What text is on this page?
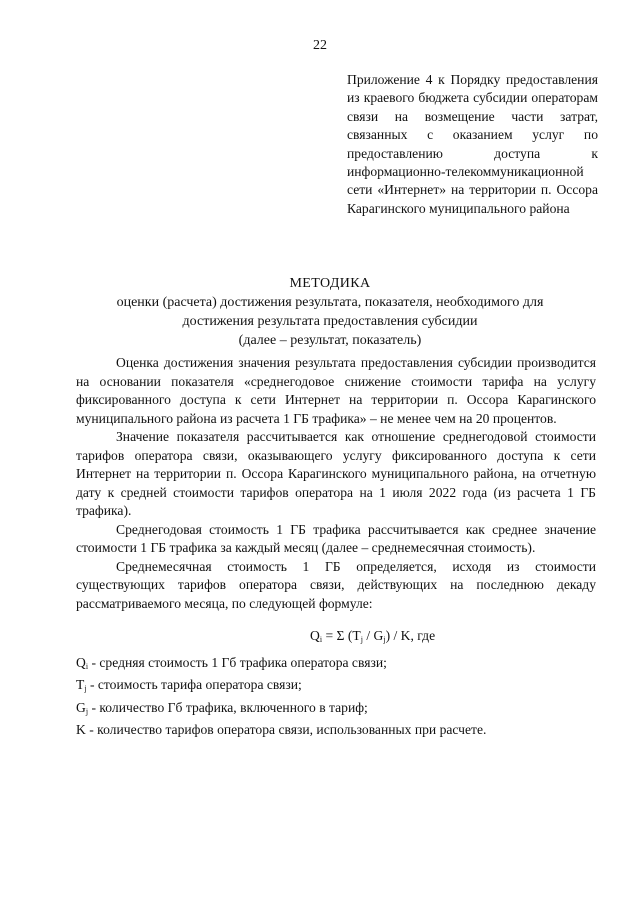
22
Приложение 4 к Порядку предоставления из краевого бюджета субсидии операторам связи на возмещение части затрат, связанных с оказанием услуг по предоставлению доступа к информационно-телекоммуникационной сети «Интернет» на территории п. Оссора Карагинского муниципального района
МЕТОДИКА
оценки (расчета) достижения результата, показателя, необходимого для
достижения результата предоставления субсидии
(далее – результат, показатель)

Оценка достижения значения результата предоставления субсидии производится на основании показателя «среднегодовое снижение стоимости тарифа на услугу фиксированного доступа к сети Интернет на территории п. Оссора Карагинского муниципального района из расчета 1 ГБ трафика» – не менее чем на 20 процентов.

Значение показателя рассчитывается как отношение среднегодовой стоимости тарифов оператора связи, оказывающего услугу фиксированного доступа к сети Интернет на территории п. Оссора Карагинского муниципального района, на отчетную дату к средней стоимости тарифов оператора на 1 июля 2022 года (из расчета 1 ГБ трафика).

Среднегодовая стоимость 1 ГБ трафика рассчитывается как среднее значение стоимости 1 ГБ трафика за каждый месяц (далее – среднемесячная стоимость).

Среднемесячная стоимость 1 ГБ определяется, исходя из стоимости существующих тарифов оператора связи, действующих на последнюю декаду рассматриваемого месяца, по следующей формуле:

$Q_i = \Sigma$ $(T_j / G_j)$ / K, где
$Q_i$ - средняя стоимость 1 Гб трафика оператора связи;
$T_j$ - стоимость тарифа оператора связи;
$G_j$ - количество Гб трафика, включенного в тариф;
K - количество тарифов оператора связи, использованных при расчете.
